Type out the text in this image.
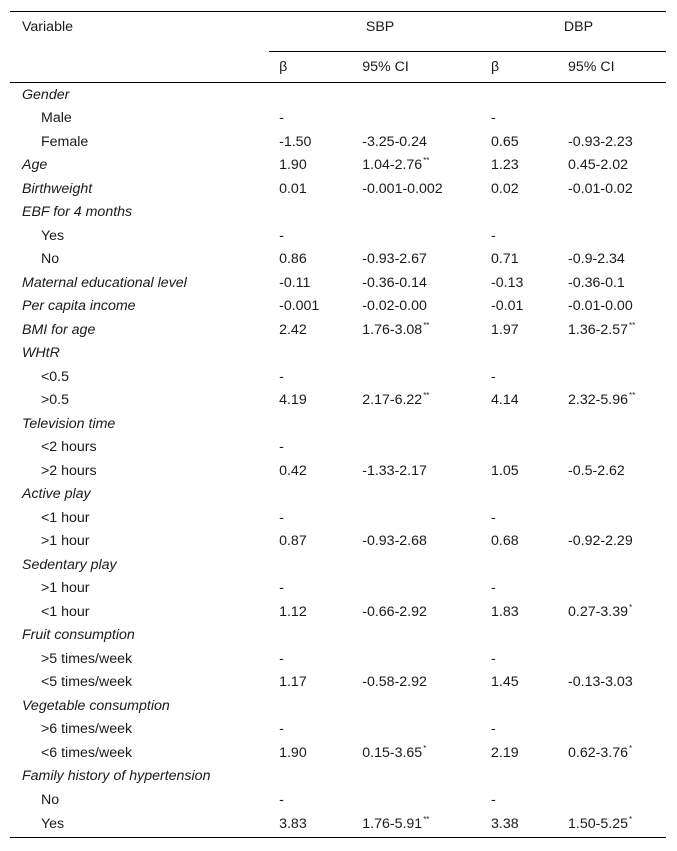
Variable	SBP		DBP	
	β	95% CI	β	95% CI
Gender				
Male	-		-	
Female	-1.50	-3.25-0.24	0.65	-0.93-2.23
Age	1.90	1.04-2.76**	1.23	0.45-2.02
Birthweight	0.01	-0.001-0.002	0.02	-0.01-0.02
EBF for 4 months				
Yes	-		-	
No	0.86	-0.93-2.67	0.71	-0.9-2.34
Maternal educational level	-0.11	-0.36-0.14	-0.13	-0.36-0.1
Per capita income	-0.001	-0.02-0.00	-0.01	-0.01-0.00
BMI for age	2.42	1.76-3.08**	1.97	1.36-2.57**
WHtR				
<0.5	-		-	
>0.5	4.19	2.17-6.22**	4.14	2.32-5.96**
Television time				
<2 hours	-			
>2 hours	0.42	-1.33-2.17	1.05	-0.5-2.62
Active play				
<1 hour	-		-	
>1 hour	0.87	-0.93-2.68	0.68	-0.92-2.29
Sedentary play				
>1 hour	-		-	
<1 hour	1.12	-0.66-2.92	1.83	0.27-3.39*
Fruit consumption				
>5 times/week	-		-	
<5 times/week	1.17	-0.58-2.92	1.45	-0.13-3.03
Vegetable consumption				
>6 times/week	-		-	
<6 times/week	1.90	0.15-3.65*	2.19	0.62-3.76*
Family history of hypertension				
No	-		-	
Yes	3.83	1.76-5.91**	3.38	1.50-5.25*
